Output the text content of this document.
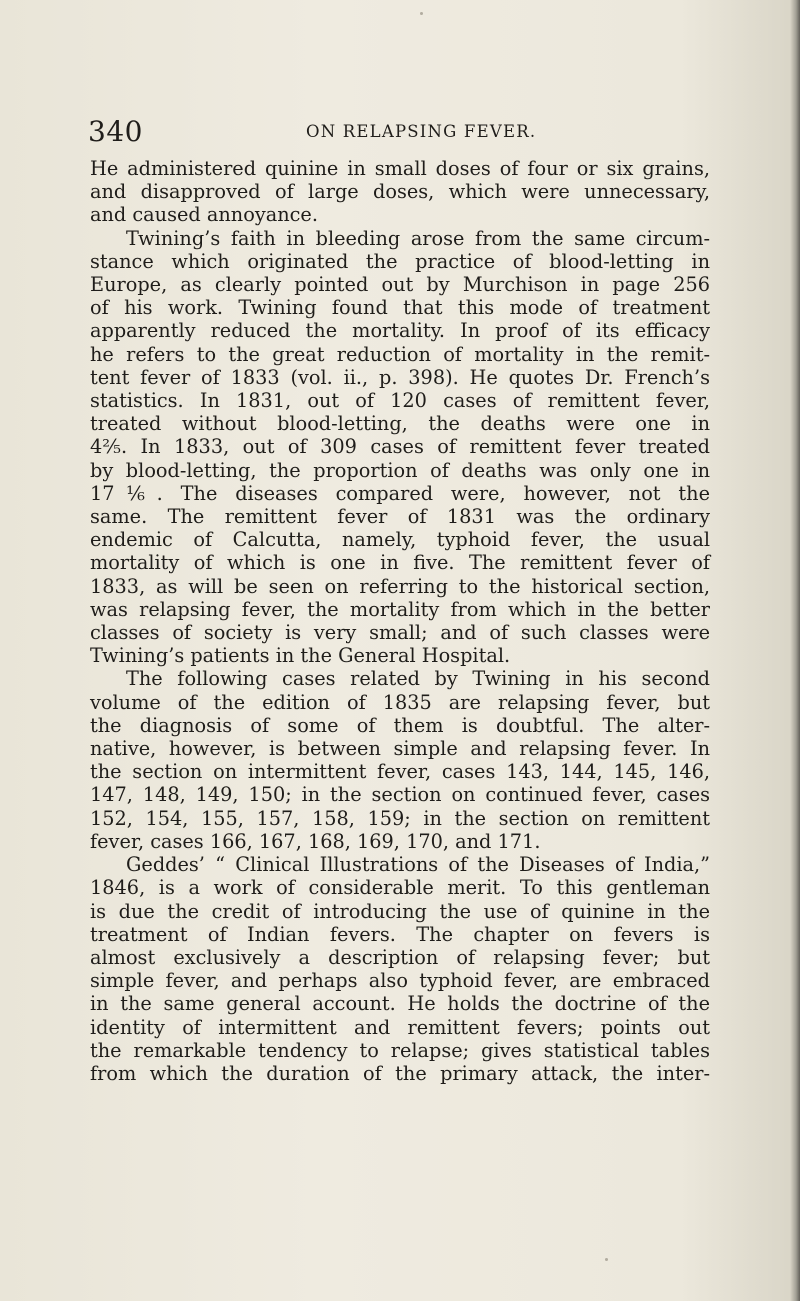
340	ON RELAPSING FEVER.
He administered quinine in small doses of four or six grains,
and disapproved of large doses, which were unnecessary,
and caused annoyance.
Twining’s faith in bleeding arose from the same circum-
stance which originated the practice of blood-letting in
Europe, as clearly pointed out by Murchison in page 256
of his work. Twining found that this mode of treatment
apparently reduced the mortality. In proof of its efficacy
he refers to the great reduction of mortality in the remit-
tent fever of 1833 (vol. ii., p. 398). He quotes Dr. French’s
statistics. In 1831, out of 120 cases of remittent fever,
treated without blood-letting, the deaths were one in
4²⁄₅. In 1833, out of 309 cases of remittent fever treated
by blood-letting, the proportion of deaths was only one in
17⅙. The diseases compared were, however, not the
same. The remittent fever of 1831 was the ordinary
endemic of Calcutta, namely, typhoid fever, the usual
mortality of which is one in five. The remittent fever of
1833, as will be seen on referring to the historical section,
was relapsing fever, the mortality from which in the better
classes of society is very small; and of such classes were
Twining’s patients in the General Hospital.
The following cases related by Twining in his second
volume of the edition of 1835 are relapsing fever, but
the diagnosis of some of them is doubtful. The alter-
native, however, is between simple and relapsing fever. In
the section on intermittent fever, cases 143, 144, 145, 146,
147, 148, 149, 150; in the section on continued fever, cases
152, 154, 155, 157, 158, 159; in the section on remittent
fever, cases 166, 167, 168, 169, 170, and 171.
Geddes’ “ Clinical Illustrations of the Diseases of India,”
1846, is a work of considerable merit. To this gentleman
is due the credit of introducing the use of quinine in the
treatment of Indian fevers. The chapter on fevers is
almost exclusively a description of relapsing fever; but
simple fever, and perhaps also typhoid fever, are embraced
in the same general account. He holds the doctrine of the
identity of intermittent and remittent fevers; points out
the remarkable tendency to relapse; gives statistical tables
from which the duration of the primary attack, the inter-
